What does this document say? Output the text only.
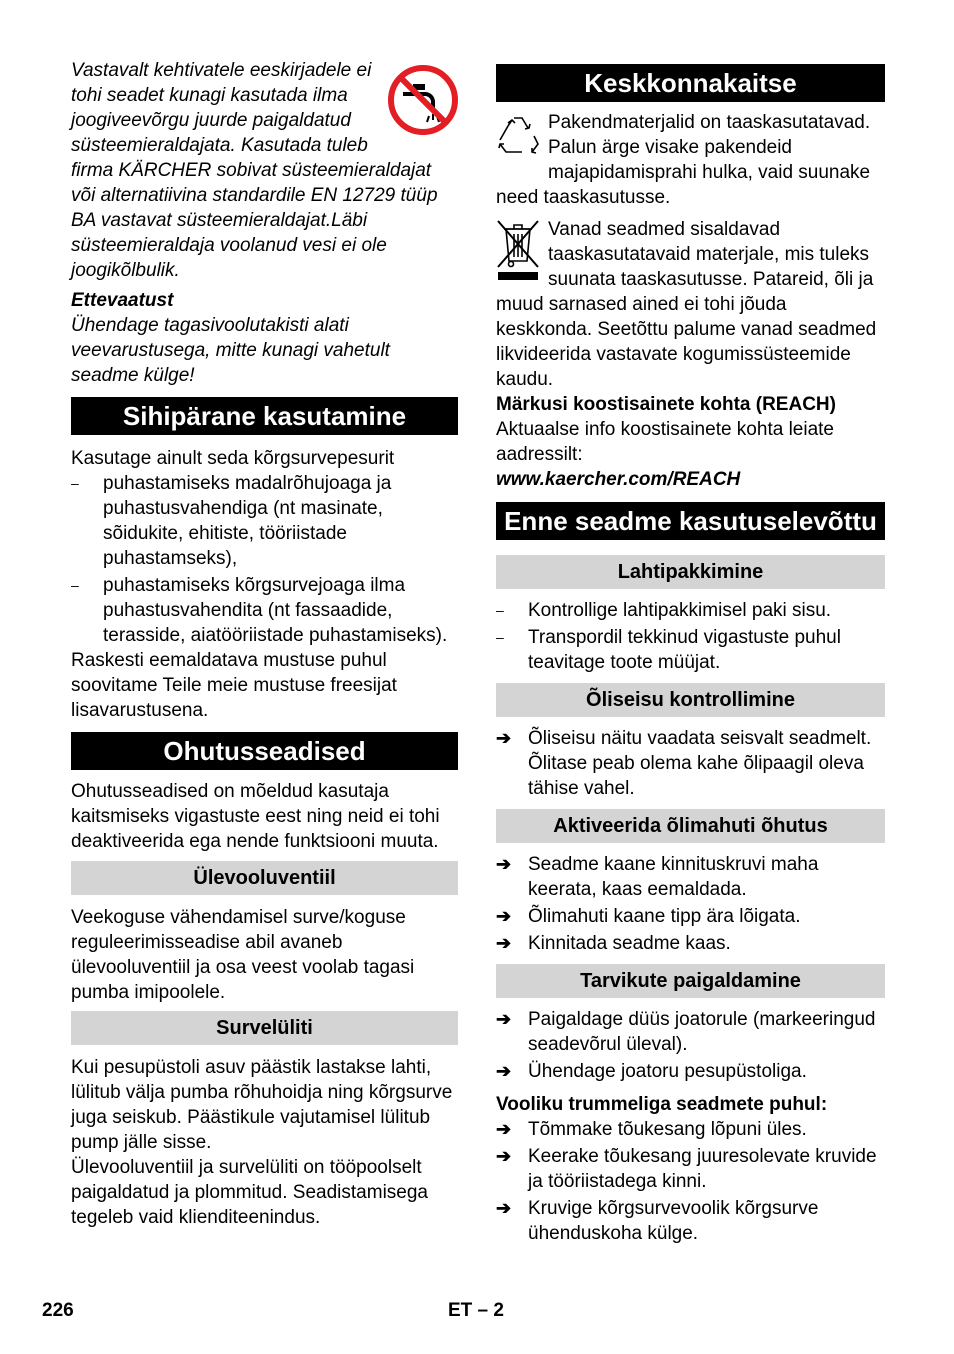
Vastavalt kehtivatele eeskirjadele ei tohi seadet kunagi kasutada ilma joogiveevõrgu juurde paigaldatud süsteemieraldajata. Kasutada tuleb firma KÄRCHER sobivat süsteemieraldajat või alternatiivina standardile EN 12729 tüüp BA vastavat süsteemieraldajat.Läbi süsteemieraldaja voolanud vesi ei ole joogikõlbulik.

Ettevaatust

Ühendage tagasivoolutakisti alati veevarustusega, mitte kunagi vahetult seadme külge!

Sihipärane kasutamine

Kasutage ainult seda kõrgsurvepesurit

–	puhastamiseks madalrõhujoaga ja puhastusvahendiga (nt masinate, sõidukite, ehitiste, tööriistade puhastamseks),
–	puhastamiseks kõrgsurvejoaga ilma puhastusvahendita (nt fassaadide, terasside, aiatööriistade puhastamiseks).

Raskesti eemaldatava mustuse puhul soovitame Teile meie mustuse freesijat lisavarustusena.

Ohutusseadised

Ohutusseadised on mõeldud kasutaja kaitsmiseks vigastuste eest ning neid ei tohi deaktiveerida ega nende funktsiooni muuta.

Ülevooluventiil

Veekoguse vähendamisel surve/koguse reguleerimisseadise abil avaneb ülevooluventiil ja osa veest voolab tagasi pumba imipoolele.

Survelüliti

Kui pesupüstoli asuv päästik lastakse lahti, lülitub välja pumba rõhuhoidja ning kõrgsurve juga seiskub. Päästikule vajutamisel lülitub pump jälle sisse.

Ülevooluventiil ja survelüliti on tööpoolselt paigaldatud ja plommitud. Seadistamisega tegeleb vaid klienditeenindus.

Keskkonnakaitse

Pakendmaterjalid on taaskasutatavad. Palun ärge visake pakendeid majapidamisprahi hulka, vaid suunake need taaskasutusse.

Vanad seadmed sisaldavad taaskasutatavaid materjale, mis tuleks suunata taaskasutusse. Patareid, õli ja muud sarnased ained ei tohi jõuda keskkonda. Seetõttu palume vanad seadmed likvideerida vastavate kogumissüsteemide kaudu.

Märkusi koostisainete kohta (REACH)

Aktuaalse info koostisainete kohta leiate aadressilt:

www.kaercher.com/REACH

Enne seadme kasutuselevõttu
Lahtipakkimine
–	Kontrollige lahtipakkimisel paki sisu.
–	Transpordil tekkinud vigastuste puhul teavitage toote müüjat.
Õliseisu kontrollimine
➔ Õliseisu näitu vaadata seisvalt seadmelt. Õlitase peab olema kahe õlipaagil oleva tähise vahel.
Aktiveerida õlimahuti õhutus
➔ Seadme kaane kinnituskruvi maha keerata, kaas eemaldada.
➔ Õlimahuti kaane tipp ära lõigata.
➔ Kinnitada seadme kaas.
Tarvikute paigaldamine
➔ Paigaldage düüs joatorule (markeeringud seadevõrul üleval).
➔ Ühendage joatoru pesupüstoliga.

Vooliku trummeliga seadmete puhul:

➔ Tõmmake tõukesang lõpuni üles.
➔ Keerake tõukesang juuresolevate kruvide ja tööriistadega kinni.
➔ Kruvige kõrgsurvevoolik kõrgsurve ühenduskoha külge.
226	ET – 2
